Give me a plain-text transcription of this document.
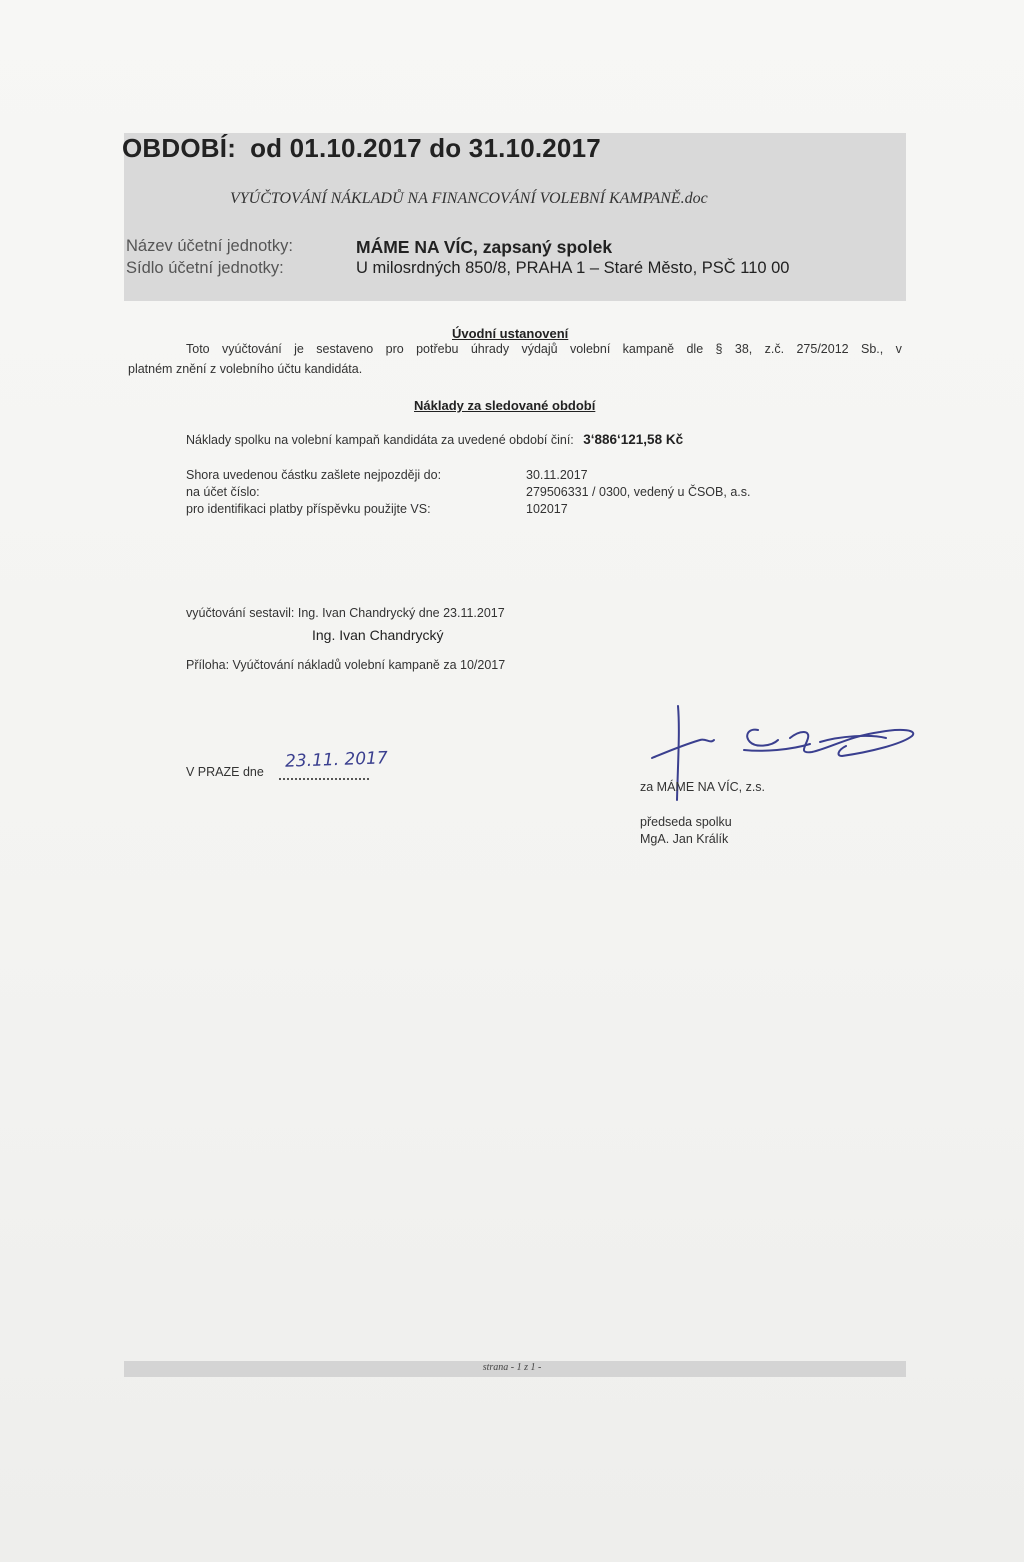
OBDOBÍ: od 01.10.2017 do 31.10.2017
VYÚČTOVÁNÍ NÁKLADŮ NA FINANCOVÁNÍ VOLEBNÍ KAMPANĚ.doc
Název účetní jednotky:	MÁME NA VÍC, zapsaný spolek
Sídlo účetní jednotky:	U milosrdných 850/8, PRAHA 1 – Staré Město, PSČ 110 00
Úvodní ustanovení
Toto vyúčtování je sestaveno pro potřebu úhrady výdajů volební kampaně dle § 38, z.č. 275/2012 Sb., v
platném znění z volebního účtu kandidáta.
Náklady za sledované období
Náklady spolku na volební kampaň kandidáta za uvedené období činí: 3‘886‘121,58 Kč
Shora uvedenou částku zašlete nejpozději do:	30.11.2017
na účet číslo:	279506331 / 0300, vedený u ČSOB, a.s.
pro identifikaci platby příspěvku použijte VS:	102017
vyúčtování sestavil: Ing. Ivan Chandrycký dne 23.11.2017
Ing. Ivan Chandrycký
Příloha: Vyúčtování nákladů volební kampaně za 10/2017
V PRAZE dne
23.11. 2017
za MÁME NA VÍC, z.s.
předseda spolku
MgA. Jan Králík
strana - 1 z 1 -
